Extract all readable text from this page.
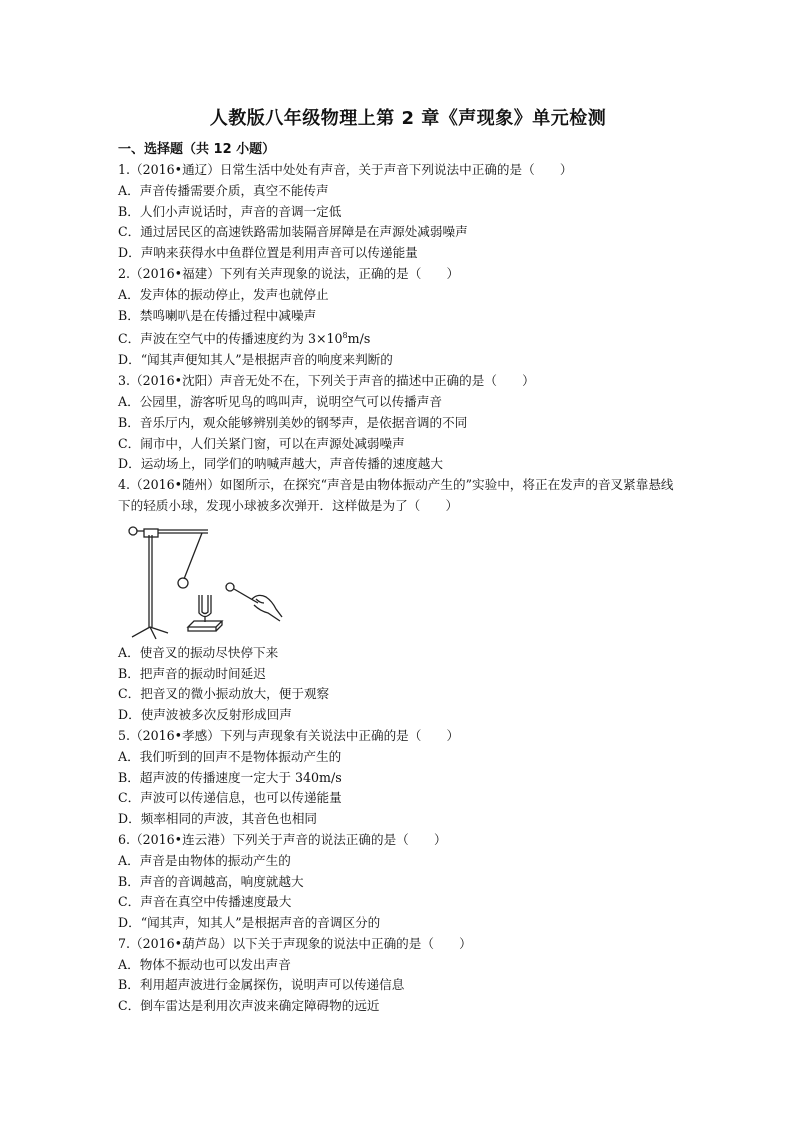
人教版八年级物理上第 2 章《声现象》单元检测
一、选择题（共 12 小题）
1.（2016•通辽）日常生活中处处有声音，关于声音下列说法中正确的是（　　）
A．声音传播需要介质，真空不能传声
B．人们小声说话时，声音的音调一定低
C．通过居民区的高速铁路需加装隔音屏障是在声源处减弱噪声
D．声呐来获得水中鱼群位置是利用声音可以传递能量
2.（2016•福建）下列有关声现象的说法，正确的是（　　）
A．发声体的振动停止，发声也就停止
B．禁鸣喇叭是在传播过程中减噪声
C．声波在空气中的传播速度约为 $3\times 10^8m/s$
D．“闻其声便知其人”是根据声音的响度来判断的
3.（2016•沈阳）声音无处不在，下列关于声音的描述中正确的是（　　）
A．公园里，游客听见鸟的鸣叫声，说明空气可以传播声音
B．音乐厅内，观众能够辨别美妙的钢琴声，是依据音调的不同
C．闹市中，人们关紧门窗，可以在声源处减弱噪声
D．运动场上，同学们的呐喊声越大，声音传播的速度越大
4.（2016•随州）如图所示，在探究“声音是由物体振动产生的”实验中，将正在发声的音叉紧靠悬线下的轻质小球，发现小球被多次弹开．这样做是为了（　　）
A．使音叉的振动尽快停下来
B．把声音的振动时间延迟
C．把音叉的微小振动放大，便于观察
D．使声波被多次反射形成回声
5.（2016•孝感）下列与声现象有关说法中正确的是（　　）
A．我们听到的回声不是物体振动产生的
B．超声波的传播速度一定大于 340m/s
C．声波可以传递信息，也可以传递能量
D．频率相同的声波，其音色也相同
6.（2016•连云港）下列关于声音的说法正确的是（　　）
A．声音是由物体的振动产生的
B．声音的音调越高，响度就越大
C．声音在真空中传播速度最大
D．“闻其声，知其人”是根据声音的音调区分的
7.（2016•葫芦岛）以下关于声现象的说法中正确的是（　　）
A．物体不振动也可以发出声音
B．利用超声波进行金属探伤，说明声可以传递信息
C．倒车雷达是利用次声波来确定障碍物的远近
